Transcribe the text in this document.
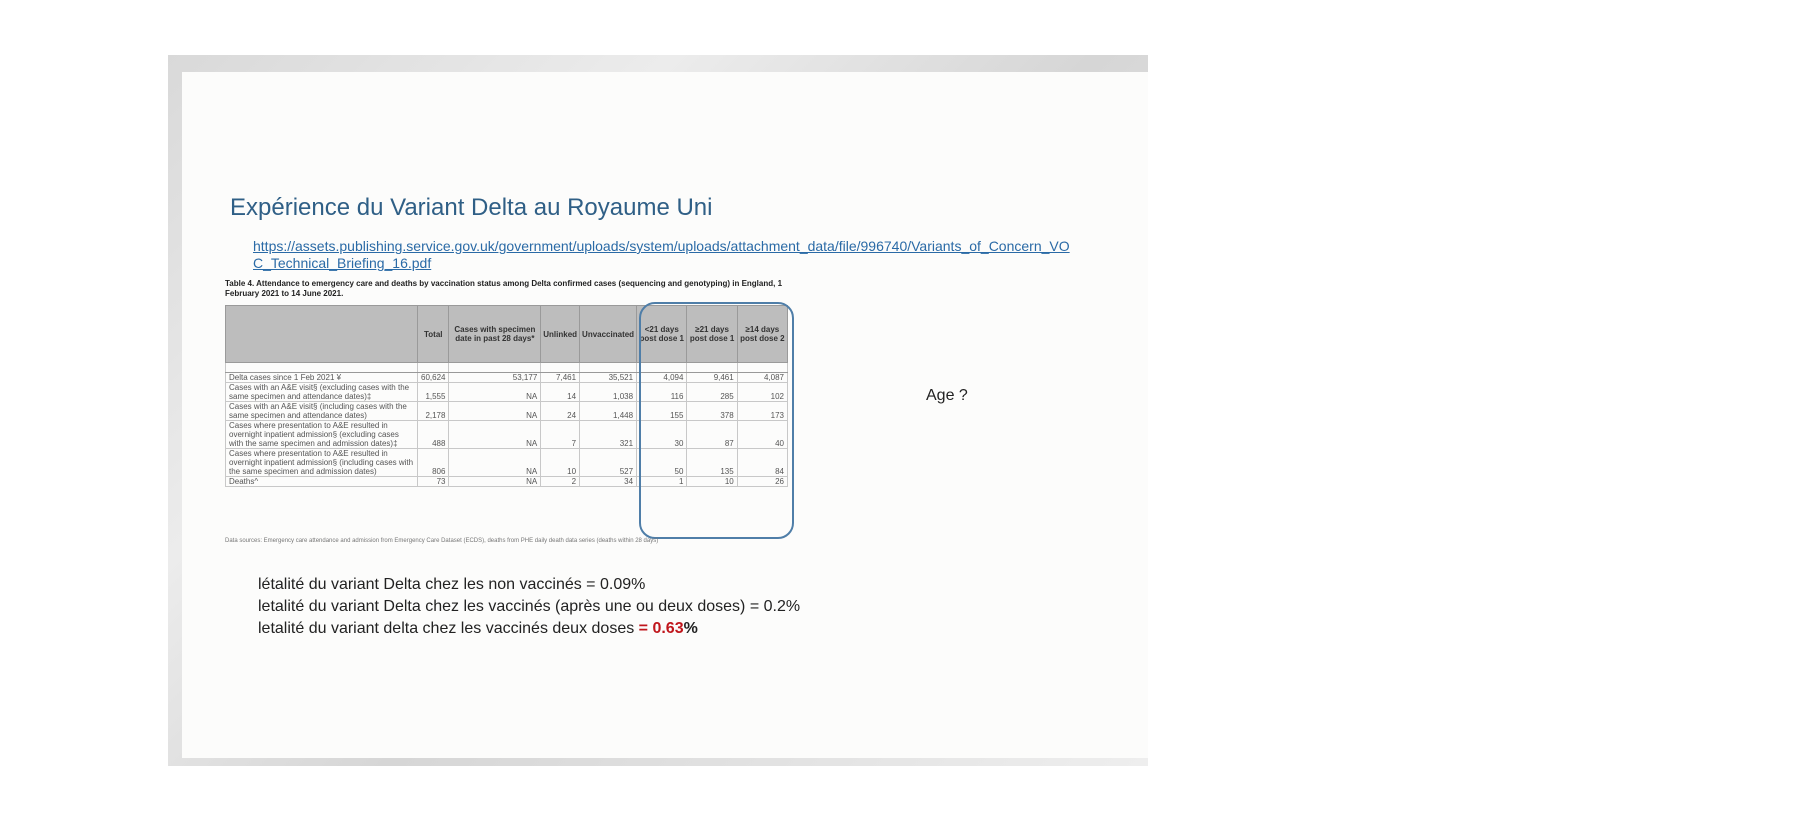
Expérience du Variant Delta au Royaume Uni
https://assets.publishing.service.gov.uk/government/uploads/system/uploads/attachment_data/file/996740/Variants_of_Concern_VOC_Technical_Briefing_16.pdf
Table 4. Attendance to emergency care and deaths by vaccination status among Delta confirmed cases (sequencing and genotyping) in England, 1 February 2021 to 14 June 2021.
	Total	Cases with specimen date in past 28 days*	Unlinked	Unvaccinated	<21 days post dose 1	≥21 days post dose 1	≥14 days post dose 2

Delta cases since 1 Feb 2021 ¥	60,624	53,177	7,461	35,521	4,094	9,461	4,087
Cases with an A&E visit§ (excluding cases with the same specimen and attendance dates)‡	1,555	NA	14	1,038	116	285	102
Cases with an A&E visit§ (including cases with the same specimen and attendance dates)	2,178	NA	24	1,448	155	378	173
Cases where presentation to A&E resulted in overnight inpatient admission§ (excluding cases with the same specimen and admission dates)‡	488	NA	7	321	30	87	40
Cases where presentation to A&E resulted in overnight inpatient admission§ (including cases with the same specimen and admission dates)	806	NA	10	527	50	135	84
Deaths^	73	NA	2	34	1	10	26
Data sources: Emergency care attendance and admission from Emergency Care Dataset (ECDS), deaths from PHE daily death data series (deaths within 28 days)
Age ?
létalité du variant Delta chez les non vaccinés = 0.09%
letalité du variant Delta chez les vaccinés (après une ou deux doses) = 0.2%
letalité du variant delta chez les vaccinés deux doses = 0.63%
